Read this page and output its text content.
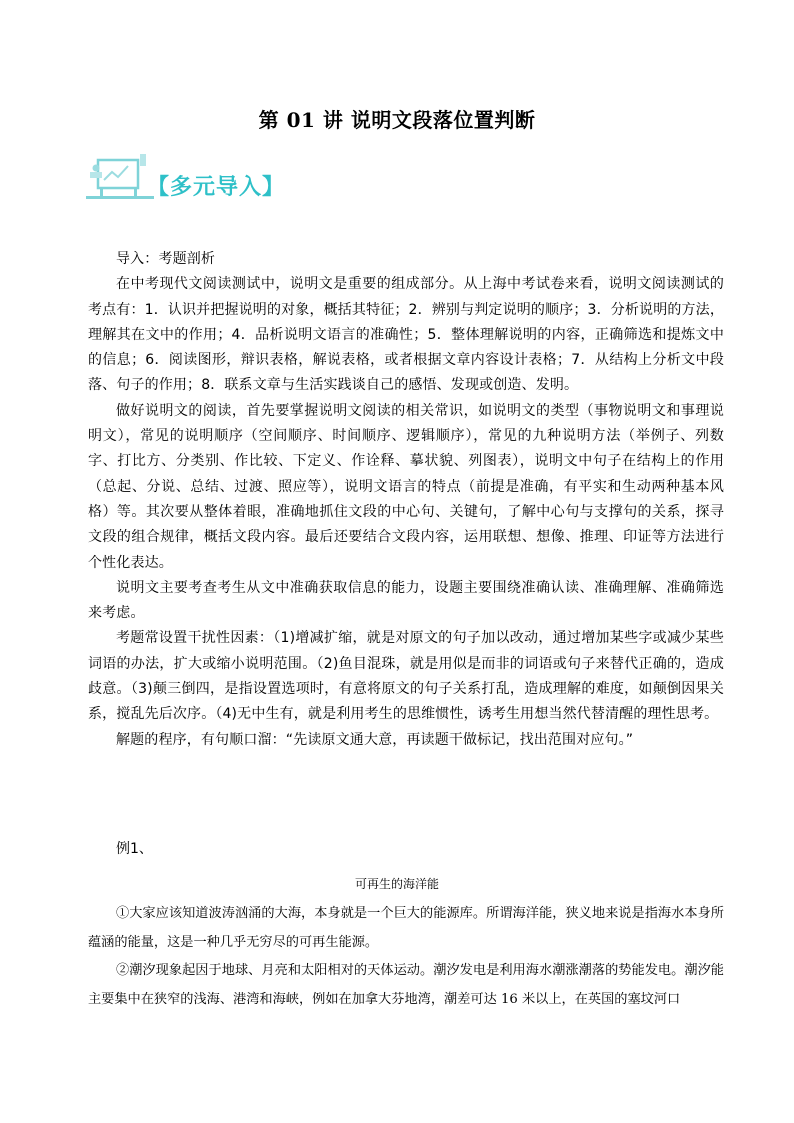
第 01 讲 说明文段落位置判断
【多元导入】

导入：考题剖析

在中考现代文阅读测试中，说明文是重要的组成部分。从上海中考试卷来看，说明文阅读测试的考点有：1．认识并把握说明的对象，概括其特征；2．辨别与判定说明的顺序；3．分析说明的方法，理解其在文中的作用；4．品析说明文语言的准确性；5．整体理解说明的内容，正确筛选和提炼文中的信息；6．阅读图形，辩识表格，解说表格，或者根据文章内容设计表格；7．从结构上分析文中段落、句子的作用；8．联系文章与生活实践谈自己的感悟、发现或创造、发明。

做好说明文的阅读，首先要掌握说明文阅读的相关常识，如说明文的类型（事物说明文和事理说明文），常见的说明顺序（空间顺序、时间顺序、逻辑顺序），常见的九种说明方法（举例子、列数字、打比方、分类别、作比较、下定义、作诠释、摹状貌、列图表），说明文中句子在结构上的作用（总起、分说、总结、过渡、照应等），说明文语言的特点（前提是准确，有平实和生动两种基本风格）等。其次要从整体着眼，准确地抓住文段的中心句、关键句，了解中心句与支撑句的关系，探寻文段的组合规律，概括文段内容。最后还要结合文段内容，运用联想、想像、推理、印证等方法进行个性化表达。

说明文主要考查考生从文中准确获取信息的能力，设题主要围绕准确认读、准确理解、准确筛选来考虑。

考题常设置干扰性因素：（1)增减扩缩，就是对原文的句子加以改动，通过增加某些字或减少某些词语的办法，扩大或缩小说明范围。（2)鱼目混珠，就是用似是而非的词语或句子来替代正确的，造成歧意。（3)颠三倒四，是指设置选项时，有意将原文的句子关系打乱，造成理解的难度，如颠倒因果关系，搅乱先后次序。（4)无中生有，就是利用考生的思维惯性，诱考生用想当然代替清醒的理性思考。

解题的程序，有句顺口溜：“先读原文通大意，再读题干做标记，找出范围对应句。”

例1、
可再生的海洋能

①大家应该知道波涛汹涌的大海，本身就是一个巨大的能源库。所谓海洋能，狭义地来说是指海水本身所蕴涵的能量，这是一种几乎无穷尽的可再生能源。

②潮汐现象起因于地球、月亮和太阳相对的天体运动。潮汐发电是利用海水潮涨潮落的势能发电。潮汐能主要集中在狭窄的浅海、港湾和海峡，例如在加拿大芬地湾，潮差可达 16 米以上，在英国的塞坟河口
